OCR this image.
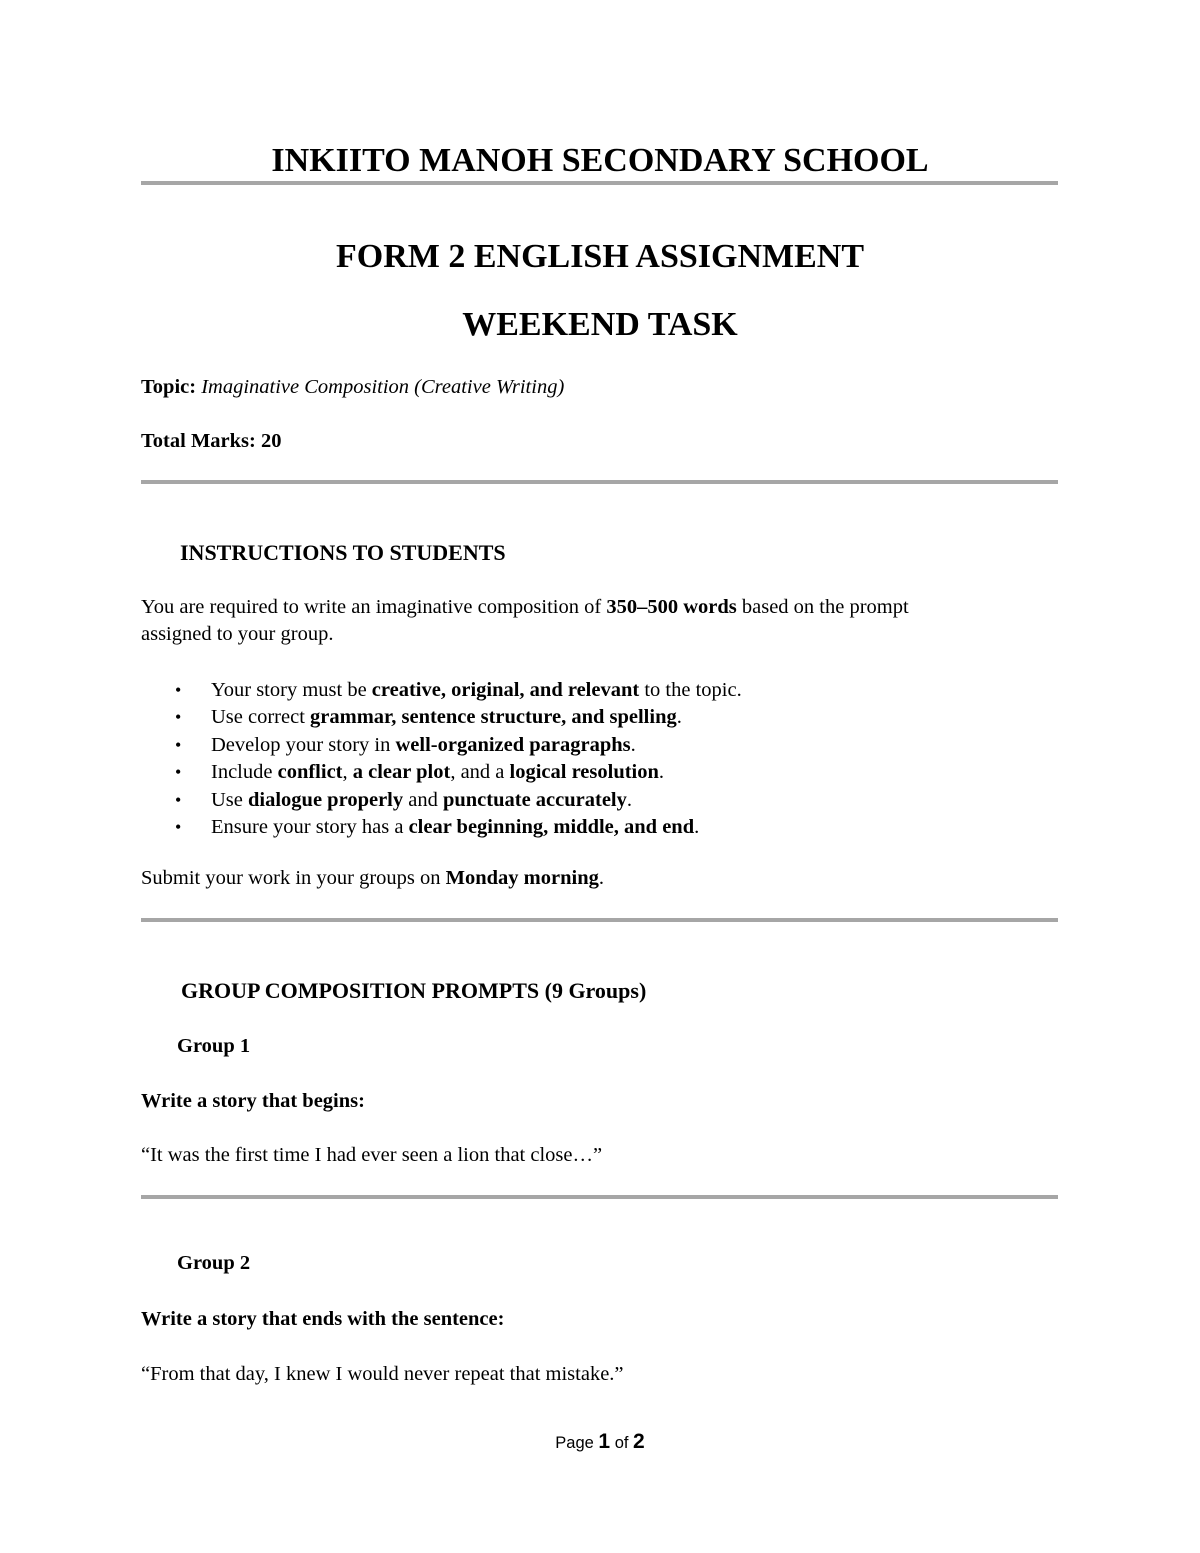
INKIITO MANOH SECONDARY SCHOOL
FORM 2 ENGLISH ASSIGNMENT
WEEKEND TASK

Topic: Imaginative Composition (Creative Writing)

Total Marks: 20

INSTRUCTIONS TO STUDENTS

You are required to write an imaginative composition of 350–500 words based on the prompt

assigned to your group.

• Your story must be creative, original, and relevant to the topic.
• Use correct grammar, sentence structure, and spelling.
• Develop your story in well-organized paragraphs.
• Include conflict, a clear plot, and a logical resolution.
• Use dialogue properly and punctuate accurately.
• Ensure your story has a clear beginning, middle, and end.

Submit your work in your groups on Monday morning.

GROUP COMPOSITION PROMPTS (9 Groups)

Group 1

Write a story that begins:

“It was the first time I had ever seen a lion that close…”

Group 2

Write a story that ends with the sentence:

“From that day, I knew I would never repeat that mistake.”

Page 1 of 2
